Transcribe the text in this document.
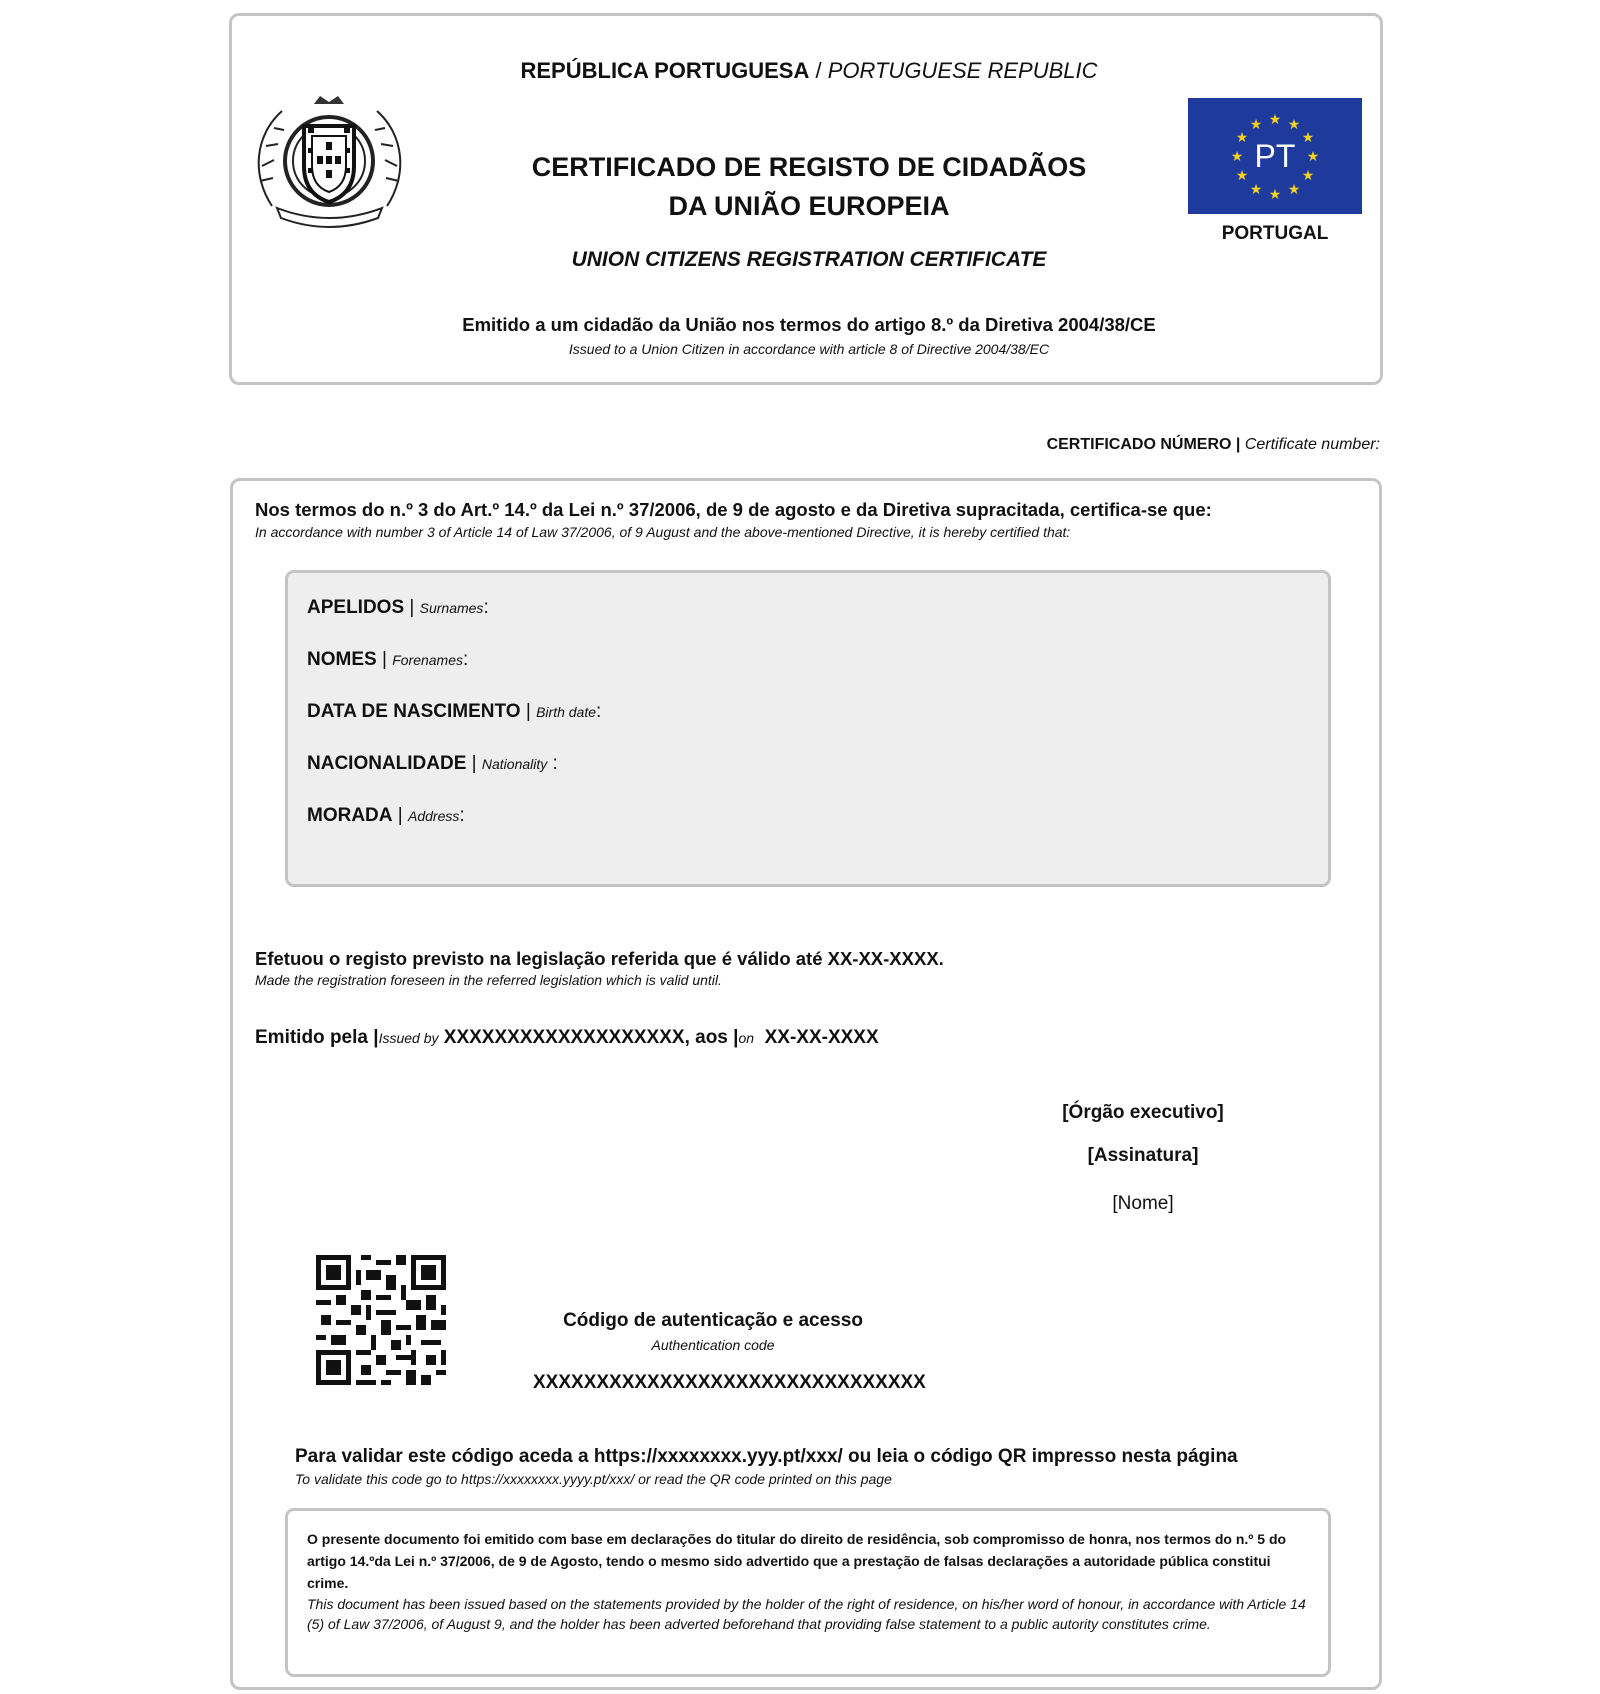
REPÚBLICA PORTUGUESA / PORTUGUESE REPUBLIC
CERTIFICADO DE REGISTO DE CIDADÃOS
DA UNIÃO EUROPEIA
UNION CITIZENS REGISTRATION CERTIFICATE
Emitido a um cidadão da União nos termos do artigo 8.º da Diretiva 2004/38/CE
Issued to a Union Citizen in accordance with article 8 of Directive 2004/38/EC
★ ★
★
★
★
★
★
★
★
★
★
★
PT
PORTUGAL
CERTIFICADO NÚMERO | Certificate number:
Nos termos do n.º 3 do Art.º 14.º da Lei n.º 37/2006, de 9 de agosto e da Diretiva supracitada, certifica-se que:
In accordance with number 3 of Article 14 of Law 37/2006, of 9 August and the above-mentioned Directive, it is hereby certified that:
APELIDOS | Surnames:
NOMES | Forenames:
DATA DE NASCIMENTO | Birth date:
NACIONALIDADE | Nationality :
MORADA | Address:
Efetuou o registo previsto na legislação referida que é válido até XX-XX-XXXX.
Made the registration foreseen in the referred legislation which is valid until.
Emitido pela |Issued by XXXXXXXXXXXXXXXXXXX, aos |on XX-XX-XXXX
[Órgão executivo]
[Assinatura]
[Nome]
Código de autenticação e acesso
Authentication code
XXXXXXXXXXXXXXXXXXXXXXXXXXXXXXX
Para validar este código aceda a https://xxxxxxxx.yyy.pt/xxx/ ou leia o código QR impresso nesta página
To validate this code go to https://xxxxxxxx.yyyy.pt/xxx/ or read the QR code printed on this page
O presente documento foi emitido com base em declarações do titular do direito de residência, sob compromisso de honra, nos termos do n.º 5 do artigo 14.ºda Lei n.º 37/2006, de 9 de Agosto, tendo o mesmo sido advertido que a prestação de falsas declarações a autoridade pública constitui crime.
This document has been issued based on the statements provided by the holder of the right of residence, on his/her word of honour, in accordance with Article 14 (5) of Law 37/2006, of August 9, and the holder has been adverted beforehand that providing false statement to a public autority constitutes crime.
